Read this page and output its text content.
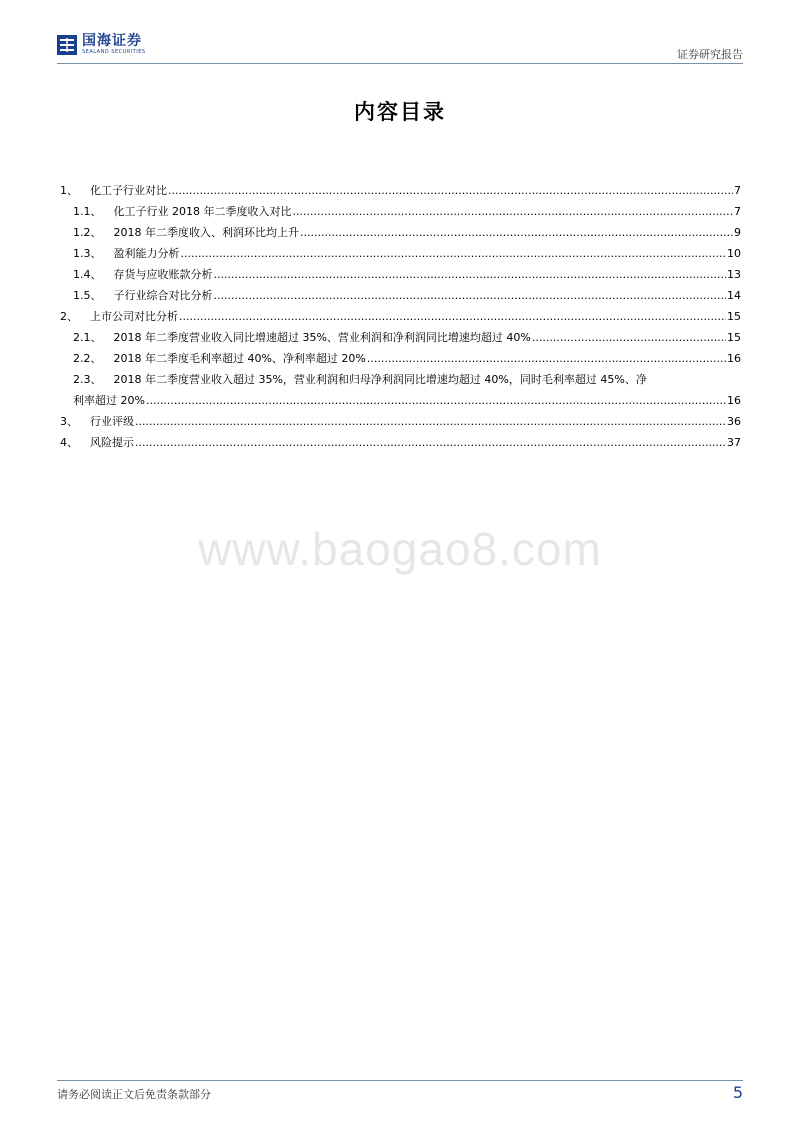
国海证券
SEALAND SECURITIES	证券研究报告
内容目录
1、 化工子行业对比 .....	7
1.1、 化工子行业 2018 年二季度收入对比 .....	7
1.2、 2018 年二季度收入、利润环比均上升 .....	9
1.3、 盈利能力分析 .....	10
1.4、 存货与应收账款分析 .....	13
1.5、 子行业综合对比分析 .....	14
2、 上市公司对比分析 .....	15
2.1、 2018 年二季度营业收入同比增速超过 35%、营业利润和净利润同比增速均超过 40% .....	15
2.2、 2018 年二季度毛利率超过 40%、净利率超过 20% .....	16
2.3、 2018 年二季度营业收入超过 35%，营业利润和归母净利润同比增速均超过 40%，同时毛利率超过 45%、净
利率超过 20% .....	16
3、 行业评级 .....	36
4、 风险提示 .....	37
www.baogao8.com
请务必阅读正文后免责条款部分	5
